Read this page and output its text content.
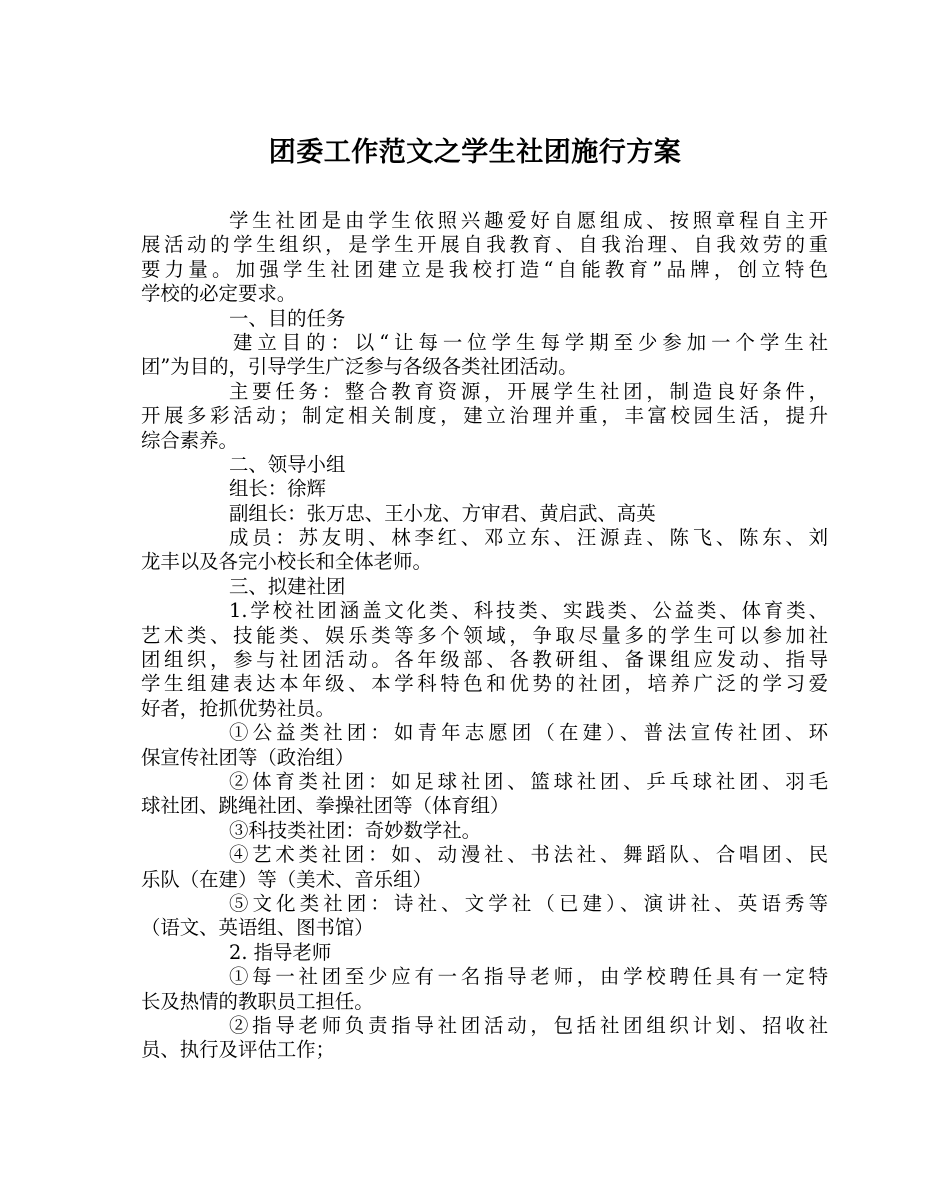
团委工作范文之学生社团施行方案
学生社团是由学生依照兴趣爱好自愿组成、按照章程自主开
展活动的学生组织，是学生开展自我教育、自我治理、自我效劳的重
要力量。加强学生社团建立是我校打造“自能教育”品牌，创立特色
学校的必定要求。
一、目的任务
建立目的：以“让每一位学生每学期至少参加一个学生社
团”为目的，引导学生广泛参与各级各类社团活动。
主要任务：整合教育资源，开展学生社团，制造良好条件，
开展多彩活动；制定相关制度，建立治理并重，丰富校园生活，提升
综合素养。
二、领导小组
组长：徐辉
副组长：张万忠、王小龙、方审君、黄启武、高英
成员：苏友明、林李红、邓立东、汪源垚、陈飞、陈东、刘
龙丰以及各完小校长和全体老师。
三、拟建社团
1.学校社团涵盖文化类、科技类、实践类、公益类、体育类、
艺术类、技能类、娱乐类等多个领域，争取尽量多的学生可以参加社
团组织，参与社团活动。各年级部、各教研组、备课组应发动、指导
学生组建表达本年级、本学科特色和优势的社团，培养广泛的学习爱
好者，抢抓优势社员。
①公益类社团：如青年志愿团（在建）、普法宣传社团、环
保宣传社团等（政治组）
②体育类社团：如足球社团、篮球社团、乒乓球社团、羽毛
球社团、跳绳社团、拳操社团等（体育组）
③科技类社团：奇妙数学社。
④艺术类社团：如、动漫社、书法社、舞蹈队、合唱团、民
乐队（在建）等（美术、音乐组）
⑤文化类社团：诗社、文学社（已建）、演讲社、英语秀等
（语文、英语组、图书馆）
2. 指导老师
①每一社团至少应有一名指导老师，由学校聘任具有一定特
长及热情的教职员工担任。
②指导老师负责指导社团活动，包括社团组织计划、招收社
员、执行及评估工作；
